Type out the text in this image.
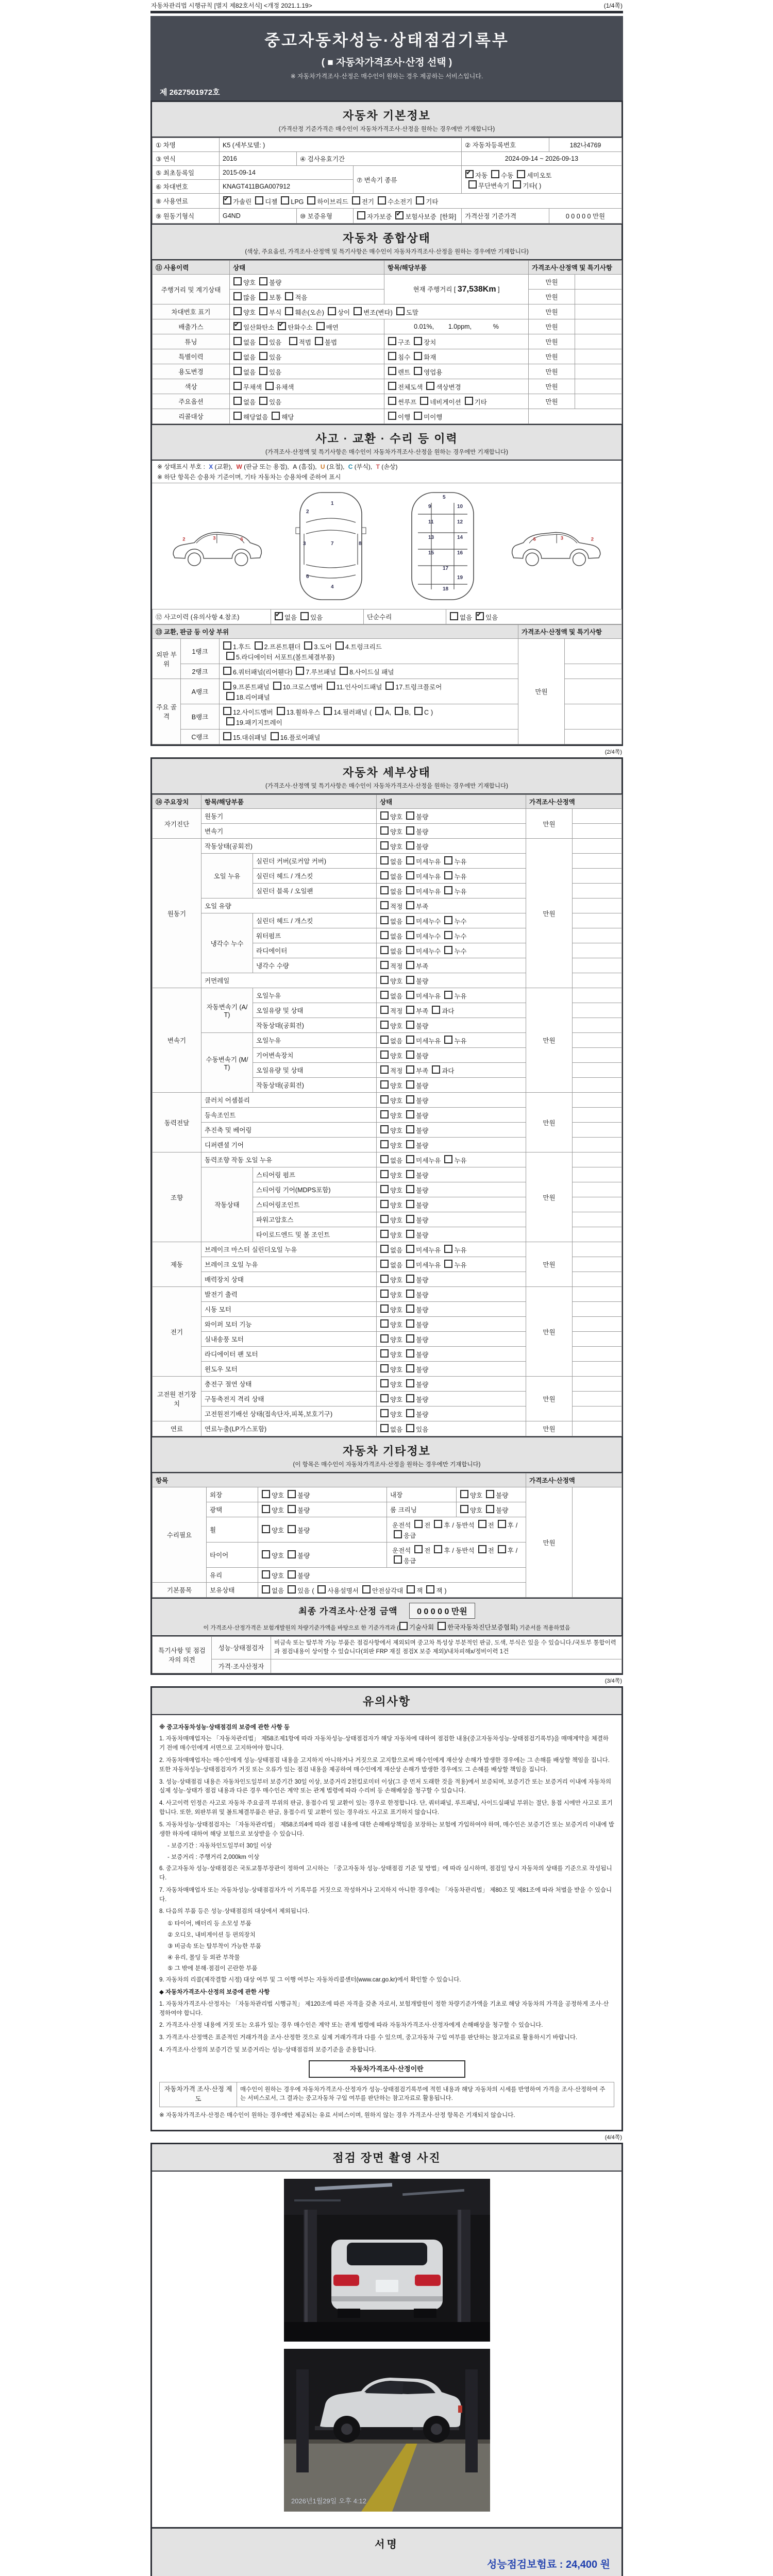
자동차관리법 시행규칙 [별지 제82호서식] <개정 2021.1.19>	(1/4쪽)
중고자동차성능·상태점검기록부
( ■ 자동차가격조사·산정 선택 )
※ 자동차가격조사·산정은 매수인이 원하는 경우 제공하는 서비스입니다.
제 2627501972호
자동차 기본정보
(가격산정 기준가격은 매수인이 자동차가격조사·산정을 원하는 경우에만 기재합니다)
① 차명	K5 (세부모델: )			② 자동차등록번호	182나4769
③ 연식	2016	④ 검사유효기간		2024-09-14 ~ 2026-09-13	
⑤ 최초등록일	2015-09-14		⑦ 변속기 종류	✔자동 수동 세미오토
무단변속기 기타( )
⑥ 차대번호	KNAGT411BGA007912				
⑧ 사용연료	✔가솔린 디젤 LPG 하이브리드 전기 수소전기 기타
⑨ 원동기형식	G4ND	⑩ 보증유형	자가보증 ✔ 보험사보증 [한화]	가격산정 기준가격	0 0 0 0 0 만원
자동차 종합상태
(색상, 주요옵션, 가격조사·산정액 및 특기사항은 매수인이 자동차가격조사·산정을 원하는 경우에만 기재합니다)
⑪ 사용이력	상태	항목/해당부품	가격조사·산정액 및 특기사항	
주행거리 및 계기상태	양호 불량	현재 주행거리 [ 37,538Km ]	만원	
	많음 보통 적음		만원	
차대번호 표기	양호 부식 훼손(오손) 상이 변조(변타) 도말		만원	
배출가스	✔일산화탄소 ✔ 탄화수소 매연	0.01%,        1.0ppm,            %	만원	
튜닝	없음 있음 적법 불법	구조 장치	만원	
특별이력	없음 있음	침수 화재	만원	
용도변경	없음 있음	렌트 영업용	만원	
색상	무채색 유채색	전체도색 색상변경	만원	
주요옵션	없음 있음	썬루프 네비게이션 기타	만원	
리콜대상	해당없음 해당	이행 미이행		
사고 · 교환 · 수리 등 이력
(가격조사·산정액 및 특기사항은 매수인이 자동차가격조사·산정을 원하는 경우에만 기재합니다)
※ 상태표시 부호 : X (교환), W (판금 또는 용접), A (흠집), U (요철), C (부식), T (손상)
※ 하단 항목은 승용차 기준이며, 기타 자동차는 승용차에 준하여 표시
2	3	6
1
2
7
3
4
6
8
5
9	10
11	12
13	14
15	16
17
18
19
2
3
6
⑫ 사고이력 (유의사항 4.참조)	✔없음 있음	단순수리	없음 ✔ 있음
⑬ 교환, 판금 등 이상 부위			가격조사·산정액 및 특기사항	
외판 부위	1랭크	1.후드 2.프론트휀더 3.도어 4.트렁크리드
5.라디에이터 서포트(볼트체결부품)	만원	
	2랭크	6.쿼터패널(리어휀다) 7.루브패널 8.사이드실 패널		
주요 골격	A랭크	9.프론트패널 10.크로스멤버 11.인사이드패널 17.트렁크플로어
18.리어패널		
	B랭크	12.사이드멤버 13.휠하우스 14.필러패널 ( A, B, C )
19.패키지트레이		
	C랭크	15.대쉬패널 16.플로어패널		
(2/4쪽)
자동차 세부상태
(가격조사·산정액 및 특기사항은 매수인이 자동차가격조사·산정을 원하는 경우에만 기재합니다)
⑭ 주요장치	항목/해당부품		상태	가격조사·산정액	
자기진단	원동기		양호 불량	만원	
	변속기		양호 불량		
원동기	작동상태(공회전)		양호 불량	만원	
	오일 누유	실린더 커버(로커암 커버)	없음 미세누유 누유		
		실린더 헤드 / 개스킷	없음 미세누유 누유		
		실린더 블록 / 오일팬	없음 미세누유 누유		
	오일 유량		적정 부족		
	냉각수 누수	실린더 헤드 / 개스킷	없음 미세누수 누수		
		워터펌프	없음 미세누수 누수		
		라디에이터	없음 미세누수 누수		
		냉각수 수량	적정 부족		
	커먼레일		양호 불량		
변속기	자동변속기 (A/T)	오일누유	없음 미세누유 누유	만원	
		오일유량 및 상태	적정 부족 과다		
		작동상태(공회전)	양호 불량		
	수동변속기 (M/T)	오일누유	없음 미세누유 누유		
		기어변속장치	양호 불량		
		오일유량 및 상태	적정 부족 과다		
		작동상태(공회전)	양호 불량		
동력전달	클러치 어셈블리		양호 불량	만원	
	등속조인트		양호 불량		
	추진축 및 베어링		양호 불량		
	디퍼렌셜 기어		양호 불량		
조향	동력조향 작동 오일 누유		없음 미세누유 누유	만원	
	작동상태	스티어링 펌프	양호 불량		
		스티어링 기어(MDPS포함)	양호 불량		
		스티어링조인트	양호 불량		
		파워고압호스	양호 불량		
		타이로드엔드 및 볼 조인트	양호 불량		
제동	브레이크 마스터 실린더오일 누유		없음 미세누유 누유	만원	
	브레이크 오일 누유		없음 미세누유 누유		
	배력장치 상태		양호 불량		
전기	발전기 출력		양호 불량	만원	
	시동 모터		양호 불량		
	와이퍼 모터 기능		양호 불량		
	실내송풍 모터		양호 불량		
	라디에이터 팬 모터		양호 불량		
	윈도우 모터		양호 불량		
고전원 전기장치	충전구 절연 상태		양호 불량	만원	
	구동축전지 격리 상태		양호 불량		
	고전원전기배선 상태(접속단자,피복,보호기구)		양호 불량		
연료	연료누출(LP가스포함)		없음 있음	만원	
자동차 기타정보
(이 항목은 매수인이 자동차가격조사·산정을 원하는 경우에만 기재합니다)
항목					가격조사·산정액	
수리필요	외장	양호 불량	내장	양호 불량	만원	
	광택	양호 불량	룸 크리닝	양호 불량		
	휠	양호 불량	운전석 전 후 / 동반석 전 후 /응급			
	타이어	양호 불량	운전석 전 후 / 동반석 전 후 /응급			
	유리	양호 불량				
기본품목	보유상태	없음 있음 ( 사용설명서 안전삼각대 잭 잭 )				
최종 가격조사·산정 금액 0 0 0 0 0 만원
이 가격조사·산정가격은 보험개발원의 차량기준가액을 바탕으로 한 기준가격과 ( 기술사회 한국자동차진단보증협회) 기준서를 적용하였음
특기사항 및 점검자의 의견	성능·상태점검자	비금속 또는 탈부착 가능 부품은 점검사항에서 제외되며 중고차 특성상 부분적인 판금, 도색, 부식은 있을 수 있습니다./국토부 통합이력과 점검내용이 상이할 수 있습니다(외판 FRP 재질 점검X 보증 제외)/내차피해x/정비이력 1건
	가격·조사산정자	
(3/4쪽)
유의사항
※ 중고자동차성능·상태점검의 보증에 관한 사항 등
1. 자동차매매업자는 「자동차관리법」 제58조제1항에 따라 자동차성능·상태점검자가 해당 자동차에 대하여 점검한 내용(중고자동차성능·상태점검기록부)을 매매계약을 체결하기 전에 매수인에게 서면으로 고지하여야 합니다.
2. 자동차매매업자는 매수인에게 성능·상태점검 내용을 고지하지 아니하거나 거짓으로 고지함으로써 매수인에게 재산상 손해가 발생한 경우에는 그 손해를 배상할 책임을 집니다. 또한 자동차성능·상태점검자가 거짓 또는 오류가 있는 점검 내용을 제공하여 매수인에게 재산상 손해가 발생한 경우에도 그 손해를 배상할 책임을 집니다.
3. 성능·상태점검 내용은 자동차인도일부터 보증기간 30일 이상, 보증거리 2천킬로미터 이상(그 중 먼저 도래한 것을 적용)에서 보증되며, 보증기간 또는 보증거리 이내에 자동차의 실제 성능·상태가 점검 내용과 다른 경우 매수인은 계약 또는 관계 법령에 따라 수리비 등 손해배상을 청구할 수 있습니다.
4. 사고이력 인정은 사고로 자동차 주요골격 부위의 판금, 용접수리 및 교환이 있는 경우로 한정합니다. 단, 쿼터패널, 루프패널, 사이드실패널 부위는 절단, 용접 시에만 사고로 표기합니다. 또한, 외판부위 및 볼트체결부품은 판금, 용접수리 및 교환이 있는 경우라도 사고로 표기하지 않습니다.
5. 자동차성능·상태점검자는 「자동차관리법」 제58조의4에 따라 점검 내용에 대한 손해배상책임을 보장하는 보험에 가입하여야 하며, 매수인은 보증기간 또는 보증거리 이내에 발생한 하자에 대하여 해당 보험으로 보상받을 수 있습니다.
- 보증기간 : 자동차인도일부터 30일 이상
- 보증거리 : 주행거리 2,000km 이상
6. 중고자동차 성능·상태점검은 국토교통부장관이 정하여 고시하는 「중고자동차 성능·상태점검 기준 및 방법」에 따라 실시하며, 점검일 당시 자동차의 상태를 기준으로 작성됩니다.
7. 자동차매매업자 또는 자동차성능·상태점검자가 이 기록부를 거짓으로 작성하거나 고지하지 아니한 경우에는 「자동차관리법」 제80조 및 제81조에 따라 처벌을 받을 수 있습니다.
8. 다음의 부품 등은 성능·상태점검의 대상에서 제외됩니다.
① 타이어, 배터리 등 소모성 부품
② 오디오, 내비게이션 등 편의장치
③ 비금속 또는 탈부착이 가능한 부품
④ 유리, 몰딩 등 외관 부착물
⑤ 그 밖에 분해·점검이 곤란한 부품
9. 자동차의 리콜(제작결함 시정) 대상 여부 및 그 이행 여부는 자동차리콜센터(www.car.go.kr)에서 확인할 수 있습니다.
◆ 자동차가격조사·산정의 보증에 관한 사항
1. 자동차가격조사·산정자는 「자동차관리법 시행규칙」 제120조에 따른 자격을 갖춘 자로서, 보험개발원이 정한 차량기준가액을 기초로 해당 자동차의 가격을 공정하게 조사·산정하여야 합니다.
2. 가격조사·산정 내용에 거짓 또는 오류가 있는 경우 매수인은 계약 또는 관계 법령에 따라 자동차가격조사·산정자에게 손해배상을 청구할 수 있습니다.
3. 가격조사·산정액은 표준적인 거래가격을 조사·산정한 것으로 실제 거래가격과 다를 수 있으며, 중고자동차 구입 여부를 판단하는 참고자료로 활용하시기 바랍니다.
4. 가격조사·산정의 보증기간 및 보증거리는 성능·상태점검의 보증기준을 준용합니다.
자동차가격조사·산정이란
자동차가격 조사·산정 제도	매수인이 원하는 경우에 자동차가격조사·산정자가 성능·상태점검기록부에 적힌 내용과 해당 자동차의 시세를 반영하여 가격을 조사·산정하여 주는 서비스로서, 그 결과는 중고자동차 구입 여부를 판단하는 참고자료로 활용됩니다.
※ 자동차가격조사·산정은 매수인이 원하는 경우에만 제공되는 유료 서비스이며, 원하지 않는 경우 가격조사·산정 항목은 기재되지 않습니다.
(4/4쪽)
점검 장면 촬영 사진
2026년1월29일 오후 4:12
서명
성능점검보험료 : 24,400 원
